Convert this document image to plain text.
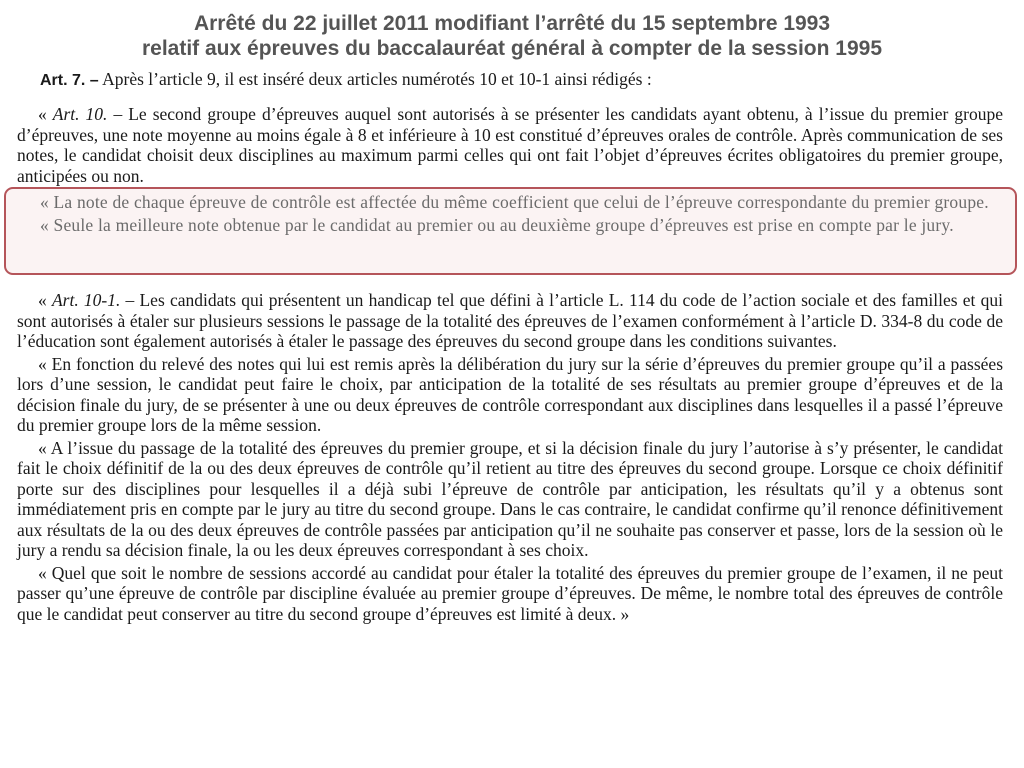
Arrêté du 22 juillet 2011 modifiant l’arrêté du 15 septembre 1993
relatif aux épreuves du baccalauréat général à compter de la session 1995
Art. 7. – Après l’article 9, il est inséré deux articles numérotés 10 et 10-1 ainsi rédigés :

« Art. 10. – Le second groupe d’épreuves auquel sont autorisés à se présenter les candidats ayant obtenu, à l’issue du premier groupe d’épreuves, une note moyenne au moins égale à 8 et inférieure à 10 est constitué d’épreuves orales de contrôle. Après communication de ses notes, le candidat choisit deux disciplines au maximum parmi celles qui ont fait l’objet d’épreuves écrites obligatoires du premier groupe, anticipées ou non.

« La note de chaque épreuve de contrôle est affectée du même coefficient que celui de l’épreuve correspondante du premier groupe.

« Seule la meilleure note obtenue par le candidat au premier ou au deuxième groupe d’épreuves est prise en compte par le jury.

« Art. 10-1. – Les candidats qui présentent un handicap tel que défini à l’article L. 114 du code de l’action sociale et des familles et qui sont autorisés à étaler sur plusieurs sessions le passage de la totalité des épreuves de l’examen conformément à l’article D. 334-8 du code de l’éducation sont également autorisés à étaler le passage des épreuves du second groupe dans les conditions suivantes.

« En fonction du relevé des notes qui lui est remis après la délibération du jury sur la série d’épreuves du premier groupe qu’il a passées lors d’une session, le candidat peut faire le choix, par anticipation de la totalité de ses résultats au premier groupe d’épreuves et de la décision finale du jury, de se présenter à une ou deux épreuves de contrôle correspondant aux disciplines dans lesquelles il a passé l’épreuve du premier groupe lors de la même session.

« A l’issue du passage de la totalité des épreuves du premier groupe, et si la décision finale du jury l’autorise à s’y présenter, le candidat fait le choix définitif de la ou des deux épreuves de contrôle qu’il retient au titre des épreuves du second groupe. Lorsque ce choix définitif porte sur des disciplines pour lesquelles il a déjà subi l’épreuve de contrôle par anticipation, les résultats qu’il y a obtenus sont immédiatement pris en compte par le jury au titre du second groupe. Dans le cas contraire, le candidat confirme qu’il renonce définitivement aux résultats de la ou des deux épreuves de contrôle passées par anticipation qu’il ne souhaite pas conserver et passe, lors de la session où le jury a rendu sa décision finale, la ou les deux épreuves correspondant à ses choix.

« Quel que soit le nombre de sessions accordé au candidat pour étaler la totalité des épreuves du premier groupe de l’examen, il ne peut passer qu’une épreuve de contrôle par discipline évaluée au premier groupe d’épreuves. De même, le nombre total des épreuves de contrôle que le candidat peut conserver au titre du second groupe d’épreuves est limité à deux. »
